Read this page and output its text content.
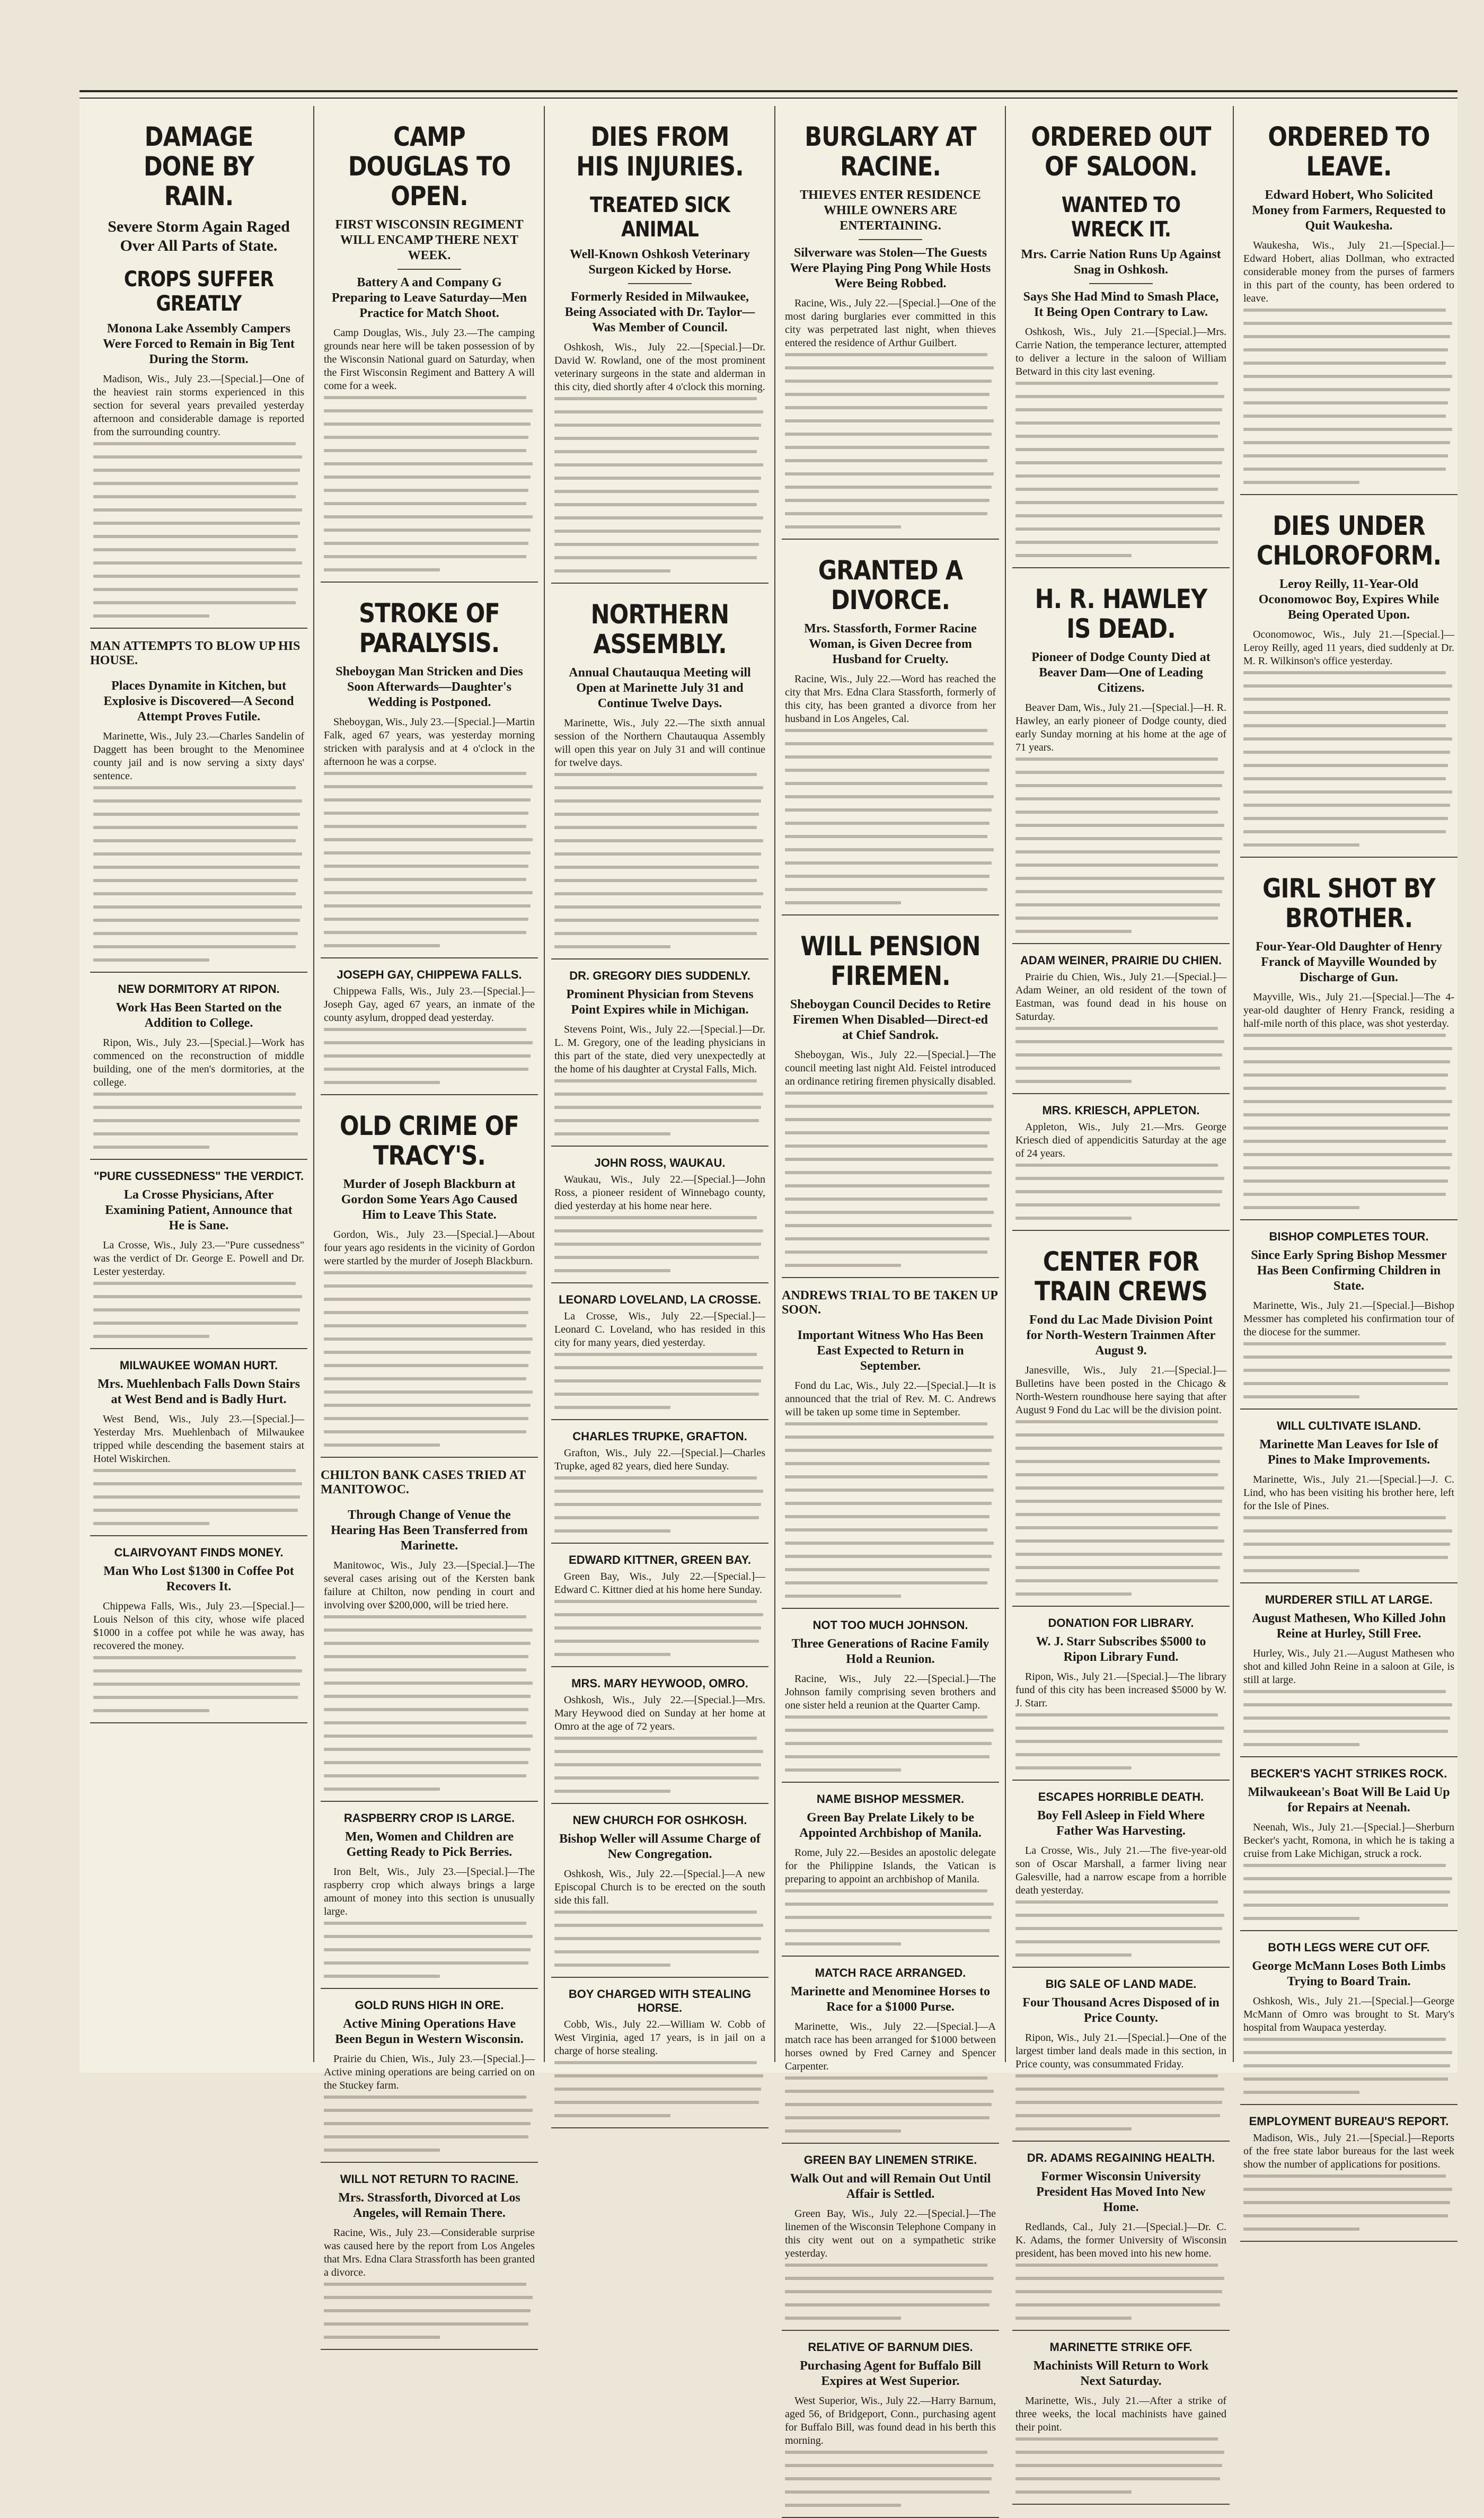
DAMAGE DONE BY RAIN.
Severe Storm Again Raged Over All Parts of State.
CROPS SUFFER GREATLY
Monona Lake Assembly Campers Were Forced to Remain in Big Tent During the Storm.

Madison, Wis., July 23.—[Special.]—One of the heaviest rain storms experienced in this section for several years prevailed yesterday afternoon and considerable damage is reported from the surrounding country.

MAN ATTEMPTS TO BLOW UP HIS HOUSE.
Places Dynamite in Kitchen, but Explosive is Discovered—A Second Attempt Proves Futile.

Marinette, Wis., July 23.—Charles Sandelin of Daggett has been brought to the Menominee county jail and is now serving a sixty days' sentence.

NEW DORMITORY AT RIPON.
Work Has Been Started on the Addition to College.

Ripon, Wis., July 23.—[Special.]—Work has commenced on the reconstruction of middle building, one of the men's dormitories, at the college.

"PURE CUSSEDNESS" THE VERDICT.
La Crosse Physicians, After Examining Patient, Announce that He is Sane.

La Crosse, Wis., July 23.—"Pure cussedness" was the verdict of Dr. George E. Powell and Dr. Lester yesterday.

MILWAUKEE WOMAN HURT.
Mrs. Muehlenbach Falls Down Stairs at West Bend and is Badly Hurt.

West Bend, Wis., July 23.—[Special.]—Yesterday Mrs. Muehlenbach of Milwaukee tripped while descending the basement stairs at Hotel Wiskirchen.

CLAIRVOYANT FINDS MONEY.
Man Who Lost $1300 in Coffee Pot Recovers It.

Chippewa Falls, Wis., July 23.—[Special.]—Louis Nelson of this city, whose wife placed $1000 in a coffee pot while he was away, has recovered the money.

CAMP DOUGLAS TO OPEN.
FIRST WISCONSIN REGIMENT WILL ENCAMP THERE NEXT WEEK.
Battery A and Company G Preparing to Leave Saturday—Men Practice for Match Shoot.

Camp Douglas, Wis., July 23.—The camping grounds near here will be taken possession of by the Wisconsin National guard on Saturday, when the First Wisconsin Regiment and Battery A will come for a week.

STROKE OF PARALYSIS.
Sheboygan Man Stricken and Dies Soon Afterwards—Daughter's Wedding is Postponed.

Sheboygan, Wis., July 23.—[Special.]—Martin Falk, aged 67 years, was yesterday morning stricken with paralysis and at 4 o'clock in the afternoon he was a corpse.

JOSEPH GAY, CHIPPEWA FALLS.

Chippewa Falls, Wis., July 23.—[Special.]—Joseph Gay, aged 67 years, an inmate of the county asylum, dropped dead yesterday.

OLD CRIME OF TRACY'S.
Murder of Joseph Blackburn at Gordon Some Years Ago Caused Him to Leave This State.

Gordon, Wis., July 23.—[Special.]—About four years ago residents in the vicinity of Gordon were startled by the murder of Joseph Blackburn.

CHILTON BANK CASES TRIED AT MANITOWOC.
Through Change of Venue the Hearing Has Been Transferred from Marinette.

Manitowoc, Wis., July 23.—[Special.]—The several cases arising out of the Kersten bank failure at Chilton, now pending in court and involving over $200,000, will be tried here.

RASPBERRY CROP IS LARGE.
Men, Women and Children are Getting Ready to Pick Berries.

Iron Belt, Wis., July 23.—[Special.]—The raspberry crop which always brings a large amount of money into this section is unusually large.

GOLD RUNS HIGH IN ORE.
Active Mining Operations Have Been Begun in Western Wisconsin.

Prairie du Chien, Wis., July 23.—[Special.]—Active mining operations are being carried on on the Stuckey farm.

WILL NOT RETURN TO RACINE.
Mrs. Strassforth, Divorced at Los Angeles, will Remain There.

Racine, Wis., July 23.—Considerable surprise was caused here by the report from Los Angeles that Mrs. Edna Clara Strassforth has been granted a divorce.

DIES FROM HIS INJURIES.
TREATED SICK ANIMAL
Well-Known Oshkosh Veterinary Surgeon Kicked by Horse.
Formerly Resided in Milwaukee, Being Associated with Dr. Taylor—Was Member of Council.

Oshkosh, Wis., July 22.—[Special.]—Dr. David W. Rowland, one of the most prominent veterinary surgeons in the state and alderman in this city, died shortly after 4 o'clock this morning.

NORTHERN ASSEMBLY.
Annual Chautauqua Meeting will Open at Marinette July 31 and Continue Twelve Days.

Marinette, Wis., July 22.—The sixth annual session of the Northern Chautauqua Assembly will open this year on July 31 and will continue for twelve days.

DR. GREGORY DIES SUDDENLY.
Prominent Physician from Stevens Point Expires while in Michigan.

Stevens Point, Wis., July 22.—[Special.]—Dr. L. M. Gregory, one of the leading physicians in this part of the state, died very unexpectedly at the home of his daughter at Crystal Falls, Mich.

JOHN ROSS, WAUKAU.

Waukau, Wis., July 22.—[Special.]—John Ross, a pioneer resident of Winnebago county, died yesterday at his home near here.

LEONARD LOVELAND, LA CROSSE.

La Crosse, Wis., July 22.—[Special.]—Leonard C. Loveland, who has resided in this city for many years, died yesterday.

CHARLES TRUPKE, GRAFTON.

Grafton, Wis., July 22.—[Special.]—Charles Trupke, aged 82 years, died here Sunday.

EDWARD KITTNER, GREEN BAY.

Green Bay, Wis., July 22.—[Special.]—Edward C. Kittner died at his home here Sunday.

MRS. MARY HEYWOOD, OMRO.

Oshkosh, Wis., July 22.—[Special.]—Mrs. Mary Heywood died on Sunday at her home at Omro at the age of 72 years.

NEW CHURCH FOR OSHKOSH.
Bishop Weller will Assume Charge of New Congregation.

Oshkosh, Wis., July 22.—[Special.]—A new Episcopal Church is to be erected on the south side this fall.

BOY CHARGED WITH STEALING HORSE.

Cobb, Wis., July 22.—William W. Cobb of West Virginia, aged 17 years, is in jail on a charge of horse stealing.

BURGLARY AT RACINE.
THIEVES ENTER RESIDENCE WHILE OWNERS ARE ENTERTAINING.
Silverware was Stolen—The Guests Were Playing Ping Pong While Hosts Were Being Robbed.

Racine, Wis., July 22.—[Special.]—One of the most daring burglaries ever committed in this city was perpetrated last night, when thieves entered the residence of Arthur Guilbert.

GRANTED A DIVORCE.
Mrs. Stassforth, Former Racine Woman, is Given Decree from Husband for Cruelty.

Racine, Wis., July 22.—Word has reached the city that Mrs. Edna Clara Stassforth, formerly of this city, has been granted a divorce from her husband in Los Angeles, Cal.

WILL PENSION FIREMEN.
Sheboygan Council Decides to Retire Firemen When Disabled—Direct-ed at Chief Sandrok.

Sheboygan, Wis., July 22.—[Special.]—The council meeting last night Ald. Feistel introduced an ordinance retiring firemen physically disabled.

ANDREWS TRIAL TO BE TAKEN UP SOON.
Important Witness Who Has Been East Expected to Return in September.

Fond du Lac, Wis., July 22.—[Special.]—It is announced that the trial of Rev. M. C. Andrews will be taken up some time in September.

NOT TOO MUCH JOHNSON.
Three Generations of Racine Family Hold a Reunion.

Racine, Wis., July 22.—[Special.]—The Johnson family comprising seven brothers and one sister held a reunion at the Quarter Camp.

NAME BISHOP MESSMER.
Green Bay Prelate Likely to be Appointed Archbishop of Manila.

Rome, July 22.—Besides an apostolic delegate for the Philippine Islands, the Vatican is preparing to appoint an archbishop of Manila.

MATCH RACE ARRANGED.
Marinette and Menominee Horses to Race for a $1000 Purse.

Marinette, Wis., July 22.—[Special.]—A match race has been arranged for $1000 between horses owned by Fred Carney and Spencer Carpenter.

GREEN BAY LINEMEN STRIKE.
Walk Out and will Remain Out Until Affair is Settled.

Green Bay, Wis., July 22.—[Special.]—The linemen of the Wisconsin Telephone Company in this city went out on a sympathetic strike yesterday.

RELATIVE OF BARNUM DIES.
Purchasing Agent for Buffalo Bill Expires at West Superior.

West Superior, Wis., July 22.—Harry Barnum, aged 56, of Bridgeport, Conn., purchasing agent for Buffalo Bill, was found dead in his berth this morning.

ORDERED OUT OF SALOON.
WANTED TO WRECK IT.
Mrs. Carrie Nation Runs Up Against Snag in Oshkosh.
Says She Had Mind to Smash Place, It Being Open Contrary to Law.

Oshkosh, Wis., July 21.—[Special.]—Mrs. Carrie Nation, the temperance lecturer, attempted to deliver a lecture in the saloon of William Betward in this city last evening.

H. R. HAWLEY IS DEAD.
Pioneer of Dodge County Died at Beaver Dam—One of Leading Citizens.

Beaver Dam, Wis., July 21.—[Special.]—H. R. Hawley, an early pioneer of Dodge county, died early Sunday morning at his home at the age of 71 years.

ADAM WEINER, PRAIRIE DU CHIEN.

Prairie du Chien, Wis., July 21.—[Special.]—Adam Weiner, an old resident of the town of Eastman, was found dead in his house on Saturday.

MRS. KRIESCH, APPLETON.

Appleton, Wis., July 21.—Mrs. George Kriesch died of appendicitis Saturday at the age of 24 years.

CENTER FOR TRAIN CREWS
Fond du Lac Made Division Point for North-Western Trainmen After August 9.

Janesville, Wis., July 21.—[Special.]—Bulletins have been posted in the Chicago & North-Western roundhouse here saying that after August 9 Fond du Lac will be the division point.

DONATION FOR LIBRARY.
W. J. Starr Subscribes $5000 to Ripon Library Fund.

Ripon, Wis., July 21.—[Special.]—The library fund of this city has been increased $5000 by W. J. Starr.

ESCAPES HORRIBLE DEATH.
Boy Fell Asleep in Field Where Father Was Harvesting.

La Crosse, Wis., July 21.—The five-year-old son of Oscar Marshall, a farmer living near Galesville, had a narrow escape from a horrible death yesterday.

BIG SALE OF LAND MADE.
Four Thousand Acres Disposed of in Price County.

Ripon, Wis., July 21.—[Special.]—One of the largest timber land deals made in this section, in Price county, was consummated Friday.

DR. ADAMS REGAINING HEALTH.
Former Wisconsin University President Has Moved Into New Home.

Redlands, Cal., July 21.—[Special.]—Dr. C. K. Adams, the former University of Wisconsin president, has been moved into his new home.

MARINETTE STRIKE OFF.
Machinists Will Return to Work Next Saturday.

Marinette, Wis., July 21.—After a strike of three weeks, the local machinists have gained their point.

ORDERED TO LEAVE.
Edward Hobert, Who Solicited Money from Farmers, Requested to Quit Waukesha.

Waukesha, Wis., July 21.—[Special.]—Edward Hobert, alias Dollman, who extracted considerable money from the purses of farmers in this part of the county, has been ordered to leave.

DIES UNDER CHLOROFORM.
Leroy Reilly, 11-Year-Old Oconomowoc Boy, Expires While Being Operated Upon.

Oconomowoc, Wis., July 21.—[Special.]—Leroy Reilly, aged 11 years, died suddenly at Dr. M. R. Wilkinson's office yesterday.

GIRL SHOT BY BROTHER.
Four-Year-Old Daughter of Henry Franck of Mayville Wounded by Discharge of Gun.

Mayville, Wis., July 21.—[Special.]—The 4-year-old daughter of Henry Franck, residing a half-mile north of this place, was shot yesterday.

BISHOP COMPLETES TOUR.
Since Early Spring Bishop Messmer Has Been Confirming Children in State.

Marinette, Wis., July 21.—[Special.]—Bishop Messmer has completed his confirmation tour of the diocese for the summer.

WILL CULTIVATE ISLAND.
Marinette Man Leaves for Isle of Pines to Make Improvements.

Marinette, Wis., July 21.—[Special.]—J. C. Lind, who has been visiting his brother here, left for the Isle of Pines.

MURDERER STILL AT LARGE.
August Mathesen, Who Killed John Reine at Hurley, Still Free.

Hurley, Wis., July 21.—August Mathesen who shot and killed John Reine in a saloon at Gile, is still at large.

BECKER'S YACHT STRIKES ROCK.
Milwaukeean's Boat Will Be Laid Up for Repairs at Neenah.

Neenah, Wis., July 21.—[Special.]—Sherburn Becker's yacht, Romona, in which he is taking a cruise from Lake Michigan, struck a rock.

BOTH LEGS WERE CUT OFF.
George McMann Loses Both Limbs Trying to Board Train.

Oshkosh, Wis., July 21.—[Special.]—George McMann of Omro was brought to St. Mary's hospital from Waupaca yesterday.

EMPLOYMENT BUREAU'S REPORT.

Madison, Wis., July 21.—[Special.]—Reports of the free state labor bureaus for the last week show the number of applications for positions.
